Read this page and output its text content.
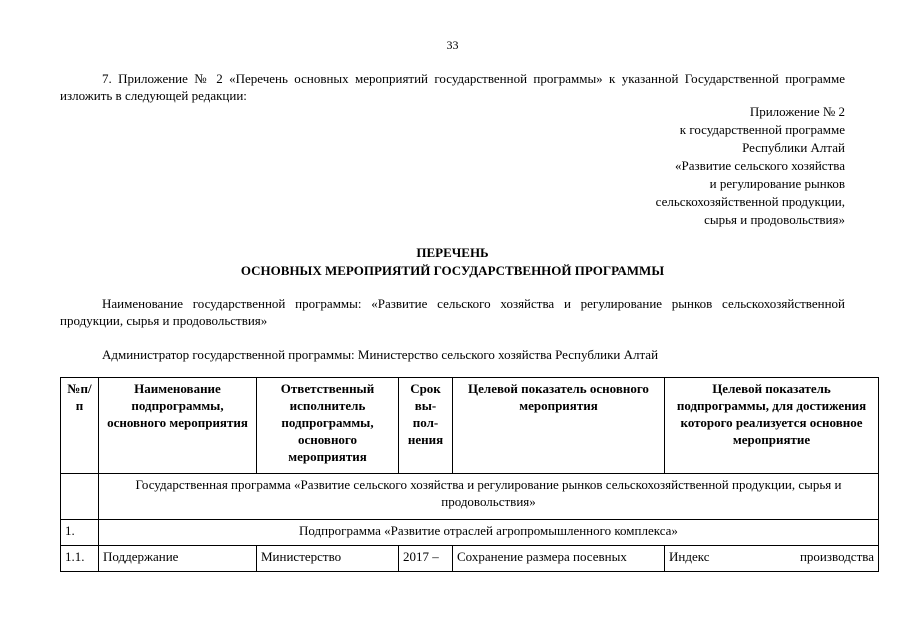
33
7. Приложение № 2 «Перечень основных мероприятий государственной программы» к указанной Государственной программе изложить в следующей редакции:
Приложение № 2
к государственной программе
Республики Алтай
«Развитие сельского хозяйства
и регулирование рынков
сельскохозяйственной продукции,
сырья и продовольствия»
ПЕРЕЧЕНЬ
ОСНОВНЫХ МЕРОПРИЯТИЙ ГОСУДАРСТВЕННОЙ ПРОГРАММЫ
Наименование государственной программы: «Развитие сельского хозяйства и регулирование рынков сельскохозяйственной продукции, сырья и продовольствия»
Администратор государственной программы: Министерство сельского хозяйства Республики Алтай
№п/п	Наименование подпрограммы, основного мероприятия	Ответственный исполнитель подпрограммы, основного мероприятия	Срок вы- пол- нения	Целевой показатель основного мероприятия	Целевой показатель подпрограммы, для достижения которого реализуется основное мероприятие
	Государственная программа «Развитие сельского хозяйства и регулирование рынков сельскохозяйственной продукции, сырья и продовольствия»				
1.	Подпрограмма «Развитие отраслей агропромышленного комплекса»				
1.1.	Поддержание	Министерство	2017 –	Сохранение размера посевных	Индекс производства
